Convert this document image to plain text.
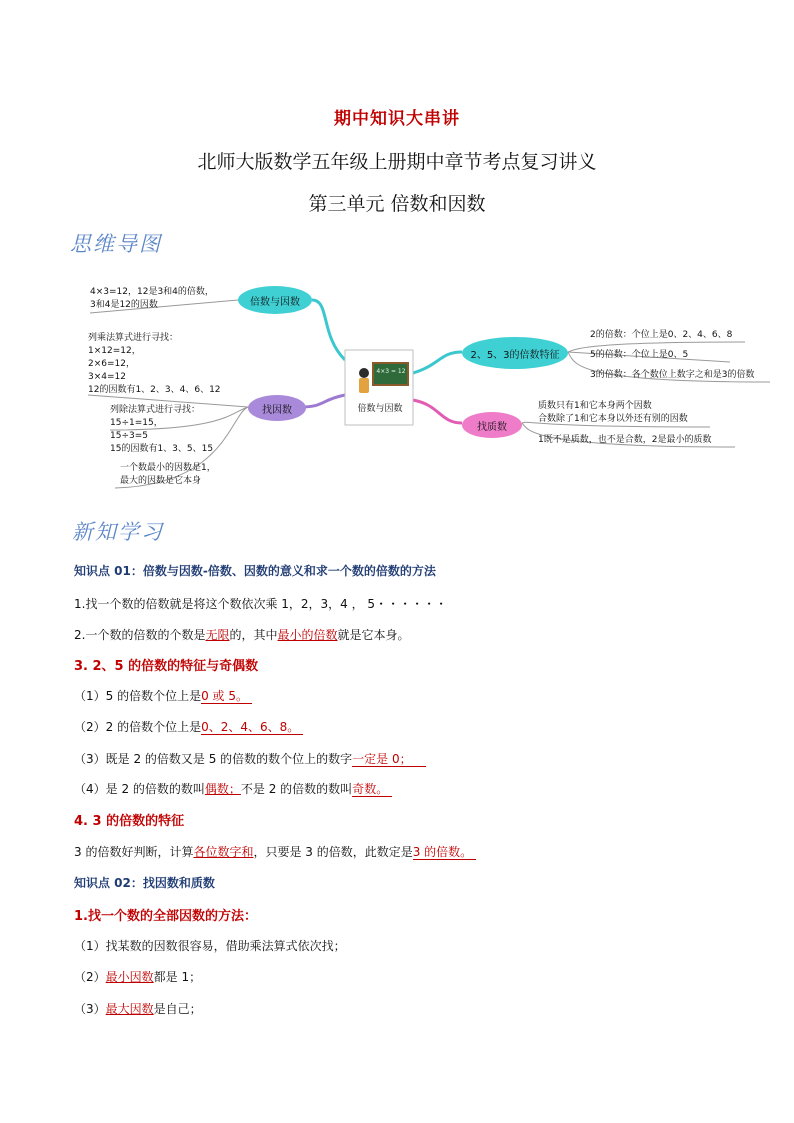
期中知识大串讲
北师大版数学五年级上册期中章节考点复习讲义
第三单元 倍数和因数
思维导图
倍数与因数
4×3 = 12
倍数与因数
找因数
2、5、3的倍数特征
找质数
4×3=12，12是3和4的倍数，
3和4是12的因数
列乘法算式进行寻找：
1×12=12，
2×6=12，
3×4=12
12的因数有1、2、3、4、6、12
列除法算式进行寻找：
15÷1=15，
15÷3=5
15的因数有1、3、5、15
一个数最小的因数是1，
最大的因数是它本身
2的倍数：个位上是0、2、4、6、8
5的倍数：个位上是0、5
3的倍数：各个数位上数字之和是3的倍数
质数只有1和它本身两个因数
合数除了1和它本身以外还有别的因数
1既不是质数，也不是合数，2是最小的质数
新知学习
知识点 01：倍数与因数-倍数、因数的意义和求一个数的倍数的方法
1.找一个数的倍数就是将这个数依次乘 1，2，3，4 ， 5・・・・・・
2.一个数的倍数的个数是无限的，其中最小的倍数就是它本身。
3. 2、5 的倍数的特征与奇偶数
（1）5 的倍数个位上是0 或 5。
（2）2 的倍数个位上是0、2、4、6、8。
（3）既是 2 的倍数又是 5 的倍数的数个位上的数字一定是 0；
（4）是 2 的倍数的数叫偶数；不是 2 的倍数的数叫奇数。
4. 3 的倍数的特征
3 的倍数好判断，计算各位数字和，只要是 3 的倍数，此数定是3 的倍数。
知识点 02：找因数和质数
1.找一个数的全部因数的方法：
（1）找某数的因数很容易，借助乘法算式依次找；
（2）最小因数都是 1；
（3）最大因数是自己；
